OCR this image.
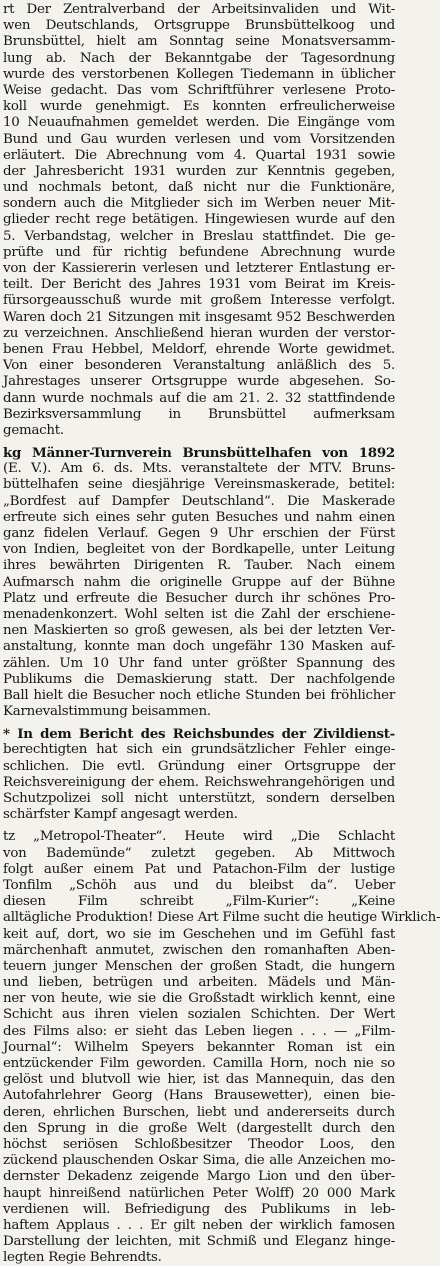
rt Der Zentralverband der Arbeitsinvaliden und Wit-
wen Deutschlands, Ortsgruppe Brunsbüttelkoog und
Brunsbüttel, hielt am Sonntag seine Monatsversamm-
lung ab. Nach der Bekanntgabe der Tagesordnung
wurde des verstorbenen Kollegen Tiedemann in üblicher
Weise gedacht. Das vom Schriftführer verlesene Proto-
koll wurde genehmigt. Es konnten erfreulicherweise
10 Neuaufnahmen gemeldet werden. Die Eingänge vom
Bund und Gau wurden verlesen und vom Vorsitzenden
erläutert. Die Abrechnung vom 4. Quartal 1931 sowie
der Jahresbericht 1931 wurden zur Kenntnis gegeben,
und nochmals betont, daß nicht nur die Funktionäre,
sondern auch die Mitglieder sich im Werben neuer Mit-
glieder recht rege betätigen. Hingewiesen wurde auf den
5. Verbandstag, welcher in Breslau stattfindet. Die ge-
prüfte und für richtig befundene Abrechnung wurde
von der Kassiererin verlesen und letzterer Entlastung er-
teilt. Der Bericht des Jahres 1931 vom Beirat im Kreis-
fürsorgeausschuß wurde mit großem Interesse verfolgt.
Waren doch 21 Sitzungen mit insgesamt 952 Beschwerden
zu verzeichnen. Anschließend hieran wurden der verstor-
benen Frau Hebbel, Meldorf, ehrende Worte gewidmet.
Von einer besonderen Veranstaltung anläßlich des 5.
Jahrestages unserer Ortsgruppe wurde abgesehen. So-
dann wurde nochmals auf die am 21. 2. 32 stattfindende
Bezirksversammlung in Brunsbüttel aufmerksam
gemacht.
kg Männer-Turnverein Brunsbüttelhafen von 1892
(E. V.). Am 6. ds. Mts. veranstaltete der MTV. Bruns-
büttelhafen seine diesjährige Vereinsmaskerade, betitel:
„Bordfest auf Dampfer Deutschland“. Die Maskerade
erfreute sich eines sehr guten Besuches und nahm einen
ganz fidelen Verlauf. Gegen 9 Uhr erschien der Fürst
von Indien, begleitet von der Bordkapelle, unter Leitung
ihres bewährten Dirigenten R. Tauber. Nach einem
Aufmarsch nahm die originelle Gruppe auf der Bühne
Platz und erfreute die Besucher durch ihr schönes Pro-
menadenkonzert. Wohl selten ist die Zahl der erschiene-
nen Maskierten so groß gewesen, als bei der letzten Ver-
anstaltung, konnte man doch ungefähr 130 Masken auf-
zählen. Um 10 Uhr fand unter größter Spannung des
Publikums die Demaskierung statt. Der nachfolgende
Ball hielt die Besucher noch etliche Stunden bei fröhlicher
Karnevalstimmung beisammen.
* In dem Bericht des Reichsbundes der Zivildienst-
berechtigten hat sich ein grundsätzlicher Fehler einge-
schlichen. Die evtl. Gründung einer Ortsgruppe der
Reichsvereinigung der ehem. Reichswehrangehörigen und
Schutzpolizei soll nicht unterstützt, sondern derselben
schärfster Kampf angesagt werden.
tz „Metropol-Theater“. Heute wird „Die Schlacht
von Bademünde“ zuletzt gegeben. Ab Mittwoch
folgt außer einem Pat und Patachon-Film der lustige
Tonfilm „Schöh aus und du bleibst da“. Ueber
diesen Film schreibt „Film-Kurier“: „Keine
alltägliche Produktion! Diese Art Filme sucht die heutige Wirklich-
keit auf, dort, wo sie im Geschehen und im Gefühl fast
märchenhaft anmutet, zwischen den romanhaften Aben-
teuern junger Menschen der großen Stadt, die hungern
und lieben, betrügen und arbeiten. Mädels und Män-
ner von heute, wie sie die Großstadt wirklich kennt, eine
Schicht aus ihren vielen sozialen Schichten. Der Wert
des Films also: er sieht das Leben liegen . . . — „Film-
Journal“: Wilhelm Speyers bekannter Roman ist ein
entzückender Film geworden. Camilla Horn, noch nie so
gelöst und blutvoll wie hier, ist das Mannequin, das den
Autofahrlehrer Georg (Hans Brausewetter), einen bie-
deren, ehrlichen Burschen, liebt und andererseits durch
den Sprung in die große Welt (dargestellt durch den
höchst seriösen Schloßbesitzer Theodor Loos, den
zückend plauschenden Oskar Sima, die alle Anzeichen mo-
dernster Dekadenz zeigende Margo Lion und den über-
haupt hinreißend natürlichen Peter Wolff) 20 000 Mark
verdienen will. Befriedigung des Publikums in leb-
haftem Applaus . . . Er gilt neben der wirklich famosen
Darstellung der leichten, mit Schmiß und Eleganz hinge-
legten Regie Behrendts.
